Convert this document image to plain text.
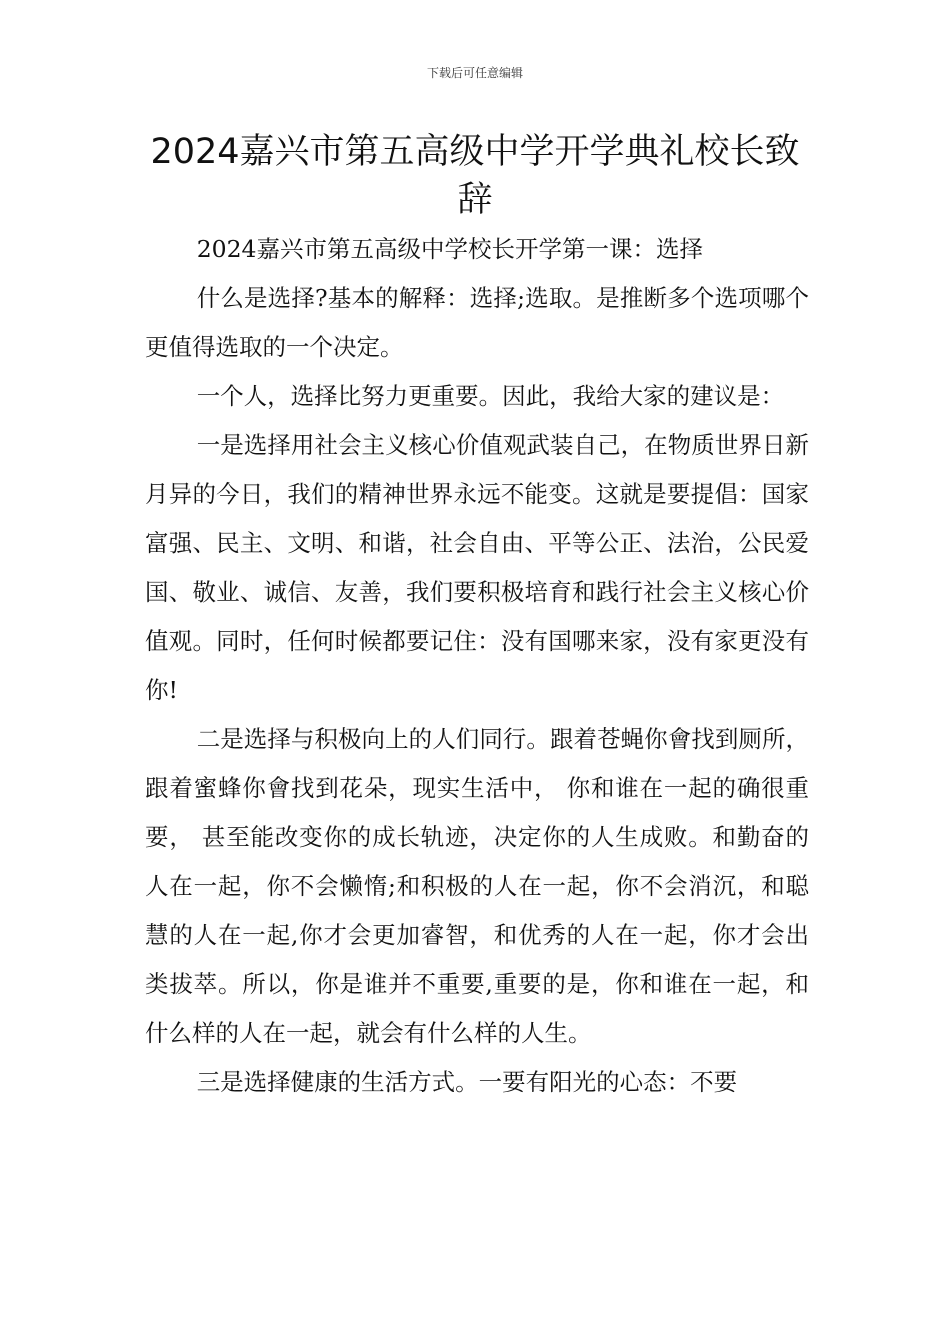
下载后可任意编辑
2024嘉兴市第五高级中学开学典礼校长致辞

2024嘉兴市第五高级中学校长开学第一课：选择

什么是选择?基本的解释：选择;选取。是推断多个选项哪个更值得选取的一个决定。

一个人，选择比努力更重要。因此，我给大家的建议是：

一是选择用社会主义核心价值观武装自己，在物质世界日新月异的今日，我们的精神世界永远不能变。这就是要提倡：国家富强、民主、文明、和谐，社会自由、平等公正、法治，公民爱国、敬业、诚信、友善，我们要积极培育和践行社会主义核心价值观。同时，任何时候都要记住：没有国哪来家，没有家更没有你!

二是选择与积极向上的人们同行。跟着苍蝇你會找到厕所，跟着蜜蜂你會找到花朵，现实生活中， 你和谁在一起的确很重要， 甚至能改变你的成长轨迹，决定你的人生成败。和勤奋的人在一起，你不会懒惰;和积极的人在一起，你不会消沉，和聪慧的人在一起,你才会更加睿智，和优秀的人在一起，你才会出类拔萃。所以，你是谁并不重要,重要的是，你和谁在一起，和什么样的人在一起，就会有什么样的人生。

三是选择健康的生活方式。一要有阳光的心态：不要
